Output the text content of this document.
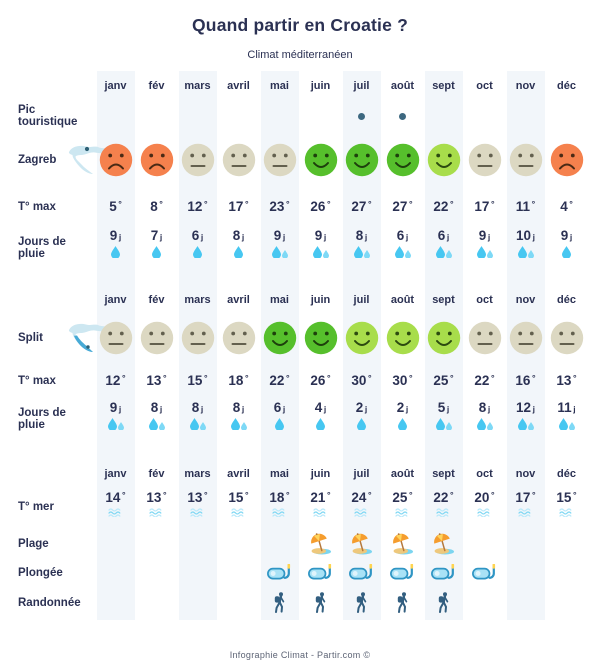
Quand partir en Croatie ?
Climat méditerranéen
janv	fév	mars	avril	mai	juin	juil	août	sept	oct	nov	déc
Pic touristique
Zagreb
T° max	5 ° 8 ° 12 ° 17 ° 23 ° 26 ° 27 ° 27 ° 22 ° 17 ° 11 ° 4 °
Jours de pluie
9 j 7 j 6 j 8 j 9 j 9 j 8 j 6 j 6 j 9 j 10 j 9 j
janv	fév	mars	avril	mai	juin	juil	août	sept	oct	nov	déc
Split
T° max	12 ° 13 ° 15 ° 18 ° 22 ° 26 ° 30 ° 30 ° 25 ° 22 ° 16 ° 13 °
Jours de pluie
9 j 8 j 8 j 8 j 6 j 4 j 2 j 2 j 5 j 8 j 12 j 11 j
janv	fév	mars	avril	mai	juin	juil	août	sept	oct	nov	déc
T° mer
14 ° 13 ° 13 ° 15 ° 18 ° 21 ° 24 ° 25 ° 22 ° 20 ° 17 ° 15 °
Plage
Plongée
Randonnée
Infographie Climat - Partir.com ©
